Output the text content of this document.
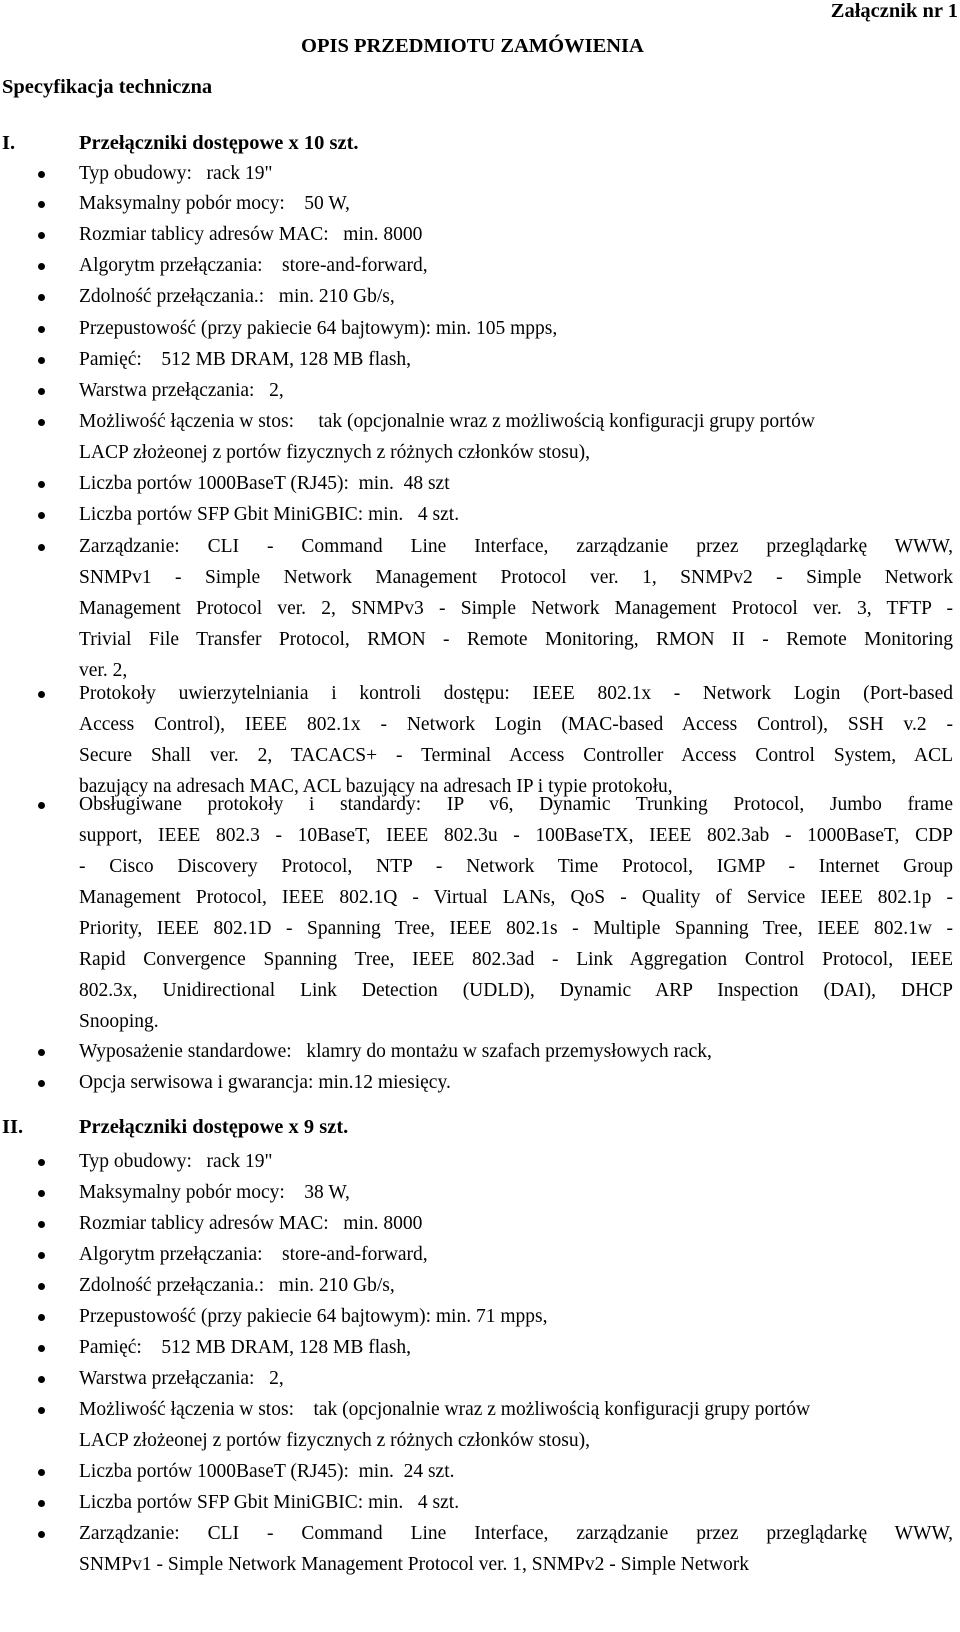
Załącznik nr 1
OPIS PRZEDMIOTU ZAMÓWIENIA
Specyfikacja techniczna
I.	Przełączniki dostępowe x 10 szt.
Typ obudowy:   rack 19"
Maksymalny pobór mocy:    50 W,
Rozmiar tablicy adresów MAC:   min. 8000
Algorytm przełączania:    store-and-forward,
Zdolność przełączania.:   min. 210 Gb/s,
Przepustowość (przy pakiecie 64 bajtowym): min. 105 mpps,
Pamięć:    512 MB DRAM, 128 MB flash,
Warstwa przełączania:   2,
Możliwość łączenia w stos:     tak (opcjonalnie wraz z możliwością konfiguracji grupy portów
LACP złożeonej z portów fizycznych z różnych członków stosu),
Liczba portów 1000BaseT (RJ45):  min.  48 szt
Liczba portów SFP Gbit MiniGBIC: min.   4 szt.
Zarządzanie: CLI - Command Line Interface, zarządzanie przez przeglądarkę WWW,
SNMPv1 - Simple Network Management Protocol ver. 1, SNMPv2 - Simple Network
Management Protocol ver. 2, SNMPv3 - Simple Network Management Protocol ver. 3, TFTP -
Trivial File Transfer Protocol, RMON - Remote Monitoring, RMON II - Remote Monitoring
ver. 2,
Protokoły uwierzytelniania i kontroli dostępu: IEEE 802.1x - Network Login (Port-based
Access Control), IEEE 802.1x - Network Login (MAC-based Access Control), SSH v.2 -
Secure Shall ver. 2, TACACS+ - Terminal Access Controller Access Control System, ACL
bazujący na adresach MAC, ACL bazujący na adresach IP i typie protokołu,
Obsługiwane protokoły i standardy: IP v6, Dynamic Trunking Protocol, Jumbo frame
support, IEEE 802.3 - 10BaseT, IEEE 802.3u - 100BaseTX, IEEE 802.3ab - 1000BaseT, CDP
- Cisco Discovery Protocol, NTP - Network Time Protocol, IGMP - Internet Group
Management Protocol, IEEE 802.1Q - Virtual LANs, QoS - Quality of Service IEEE 802.1p -
Priority, IEEE 802.1D - Spanning Tree, IEEE 802.1s - Multiple Spanning Tree, IEEE 802.1w -
Rapid Convergence Spanning Tree, IEEE 802.3ad - Link Aggregation Control Protocol, IEEE
802.3x, Unidirectional Link Detection (UDLD), Dynamic ARP Inspection (DAI), DHCP
Snooping.
Wyposażenie standardowe:   klamry do montażu w szafach przemysłowych rack,
Opcja serwisowa i gwarancja: min.12 miesięcy.
II.	Przełączniki dostępowe x 9 szt.
Typ obudowy:   rack 19"
Maksymalny pobór mocy:    38 W,
Rozmiar tablicy adresów MAC:   min. 8000
Algorytm przełączania:    store-and-forward,
Zdolność przełączania.:   min. 210 Gb/s,
Przepustowość (przy pakiecie 64 bajtowym): min. 71 mpps,
Pamięć:    512 MB DRAM, 128 MB flash,
Warstwa przełączania:   2,
Możliwość łączenia w stos:    tak (opcjonalnie wraz z możliwością konfiguracji grupy portów
LACP złożeonej z portów fizycznych z różnych członków stosu),
Liczba portów 1000BaseT (RJ45):  min.  24 szt.
Liczba portów SFP Gbit MiniGBIC: min.   4 szt.
Zarządzanie: CLI - Command Line Interface, zarządzanie przez przeglądarkę WWW,
SNMPv1 - Simple Network Management Protocol ver. 1, SNMPv2 - Simple Network
